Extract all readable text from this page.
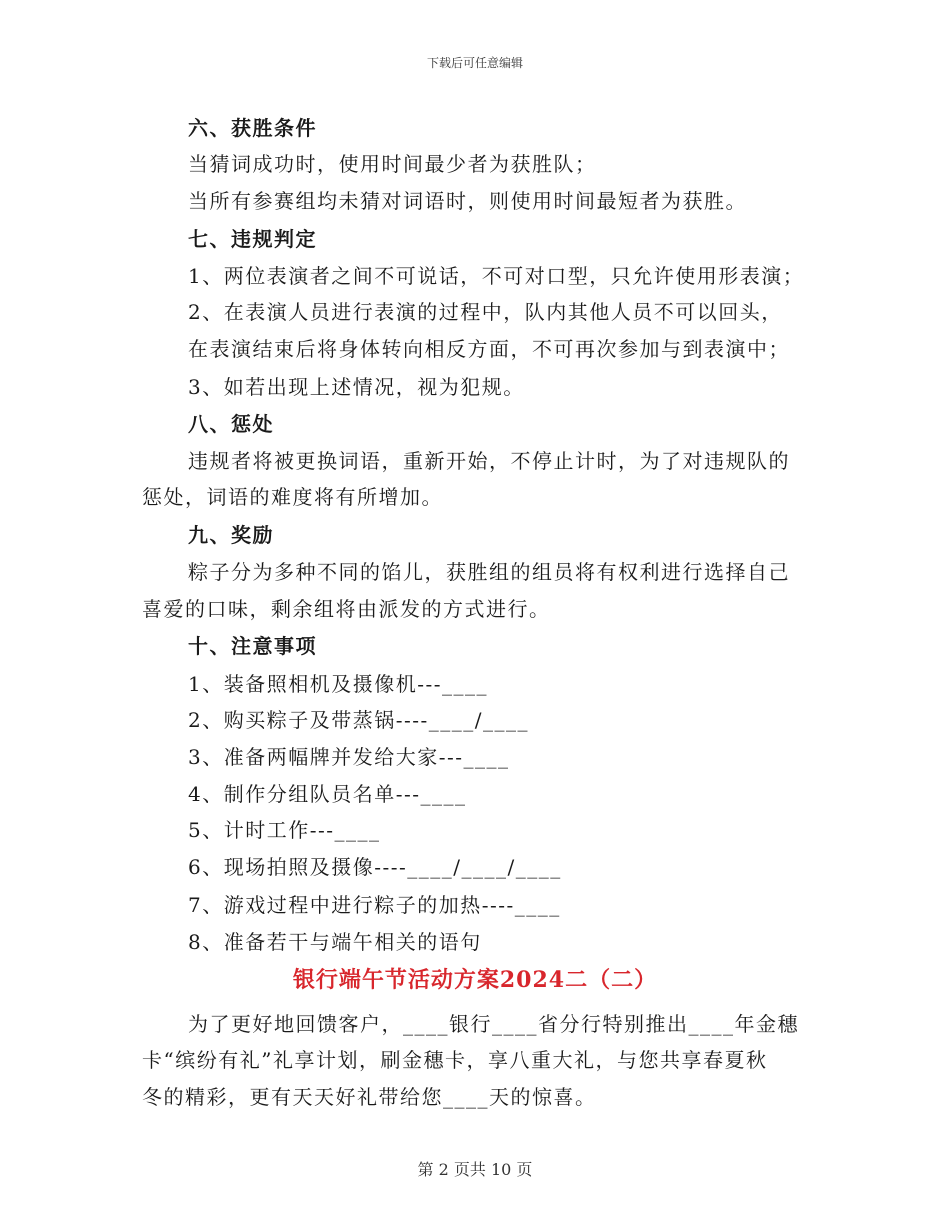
下载后可任意编辑
六、获胜条件
当猜词成功时，使用时间最少者为获胜队；
当所有参赛组均未猜对词语时，则使用时间最短者为获胜。
七、违规判定
1、两位表演者之间不可说话，不可对口型，只允许使用形表演；
2、在表演人员进行表演的过程中，队内其他人员不可以回头，
在表演结束后将身体转向相反方面，不可再次参加与到表演中；
3、如若出现上述情况，视为犯规。
八、惩处
违规者将被更换词语，重新开始，不停止计时，为了对违规队的
惩处，词语的难度将有所增加。
九、奖励
粽子分为多种不同的馅儿，获胜组的组员将有权利进行选择自己
喜爱的口味，剩余组将由派发的方式进行。
十、注意事项
1、装备照相机及摄像机---____
2、购买粽子及带蒸锅----____/____
3、准备两幅牌并发给大家---____
4、制作分组队员名单---____
5、计时工作---____
6、现场拍照及摄像----____/____/____
7、游戏过程中进行粽子的加热----____
8、准备若干与端午相关的语句
银行端午节活动方案2024二（二）
为了更好地回馈客户，____银行____省分行特别推出____年金穗
卡“缤纷有礼”礼享计划，刷金穗卡，享八重大礼，与您共享春夏秋
冬的精彩，更有天天好礼带给您____天的惊喜。
第 2 页共 10 页
